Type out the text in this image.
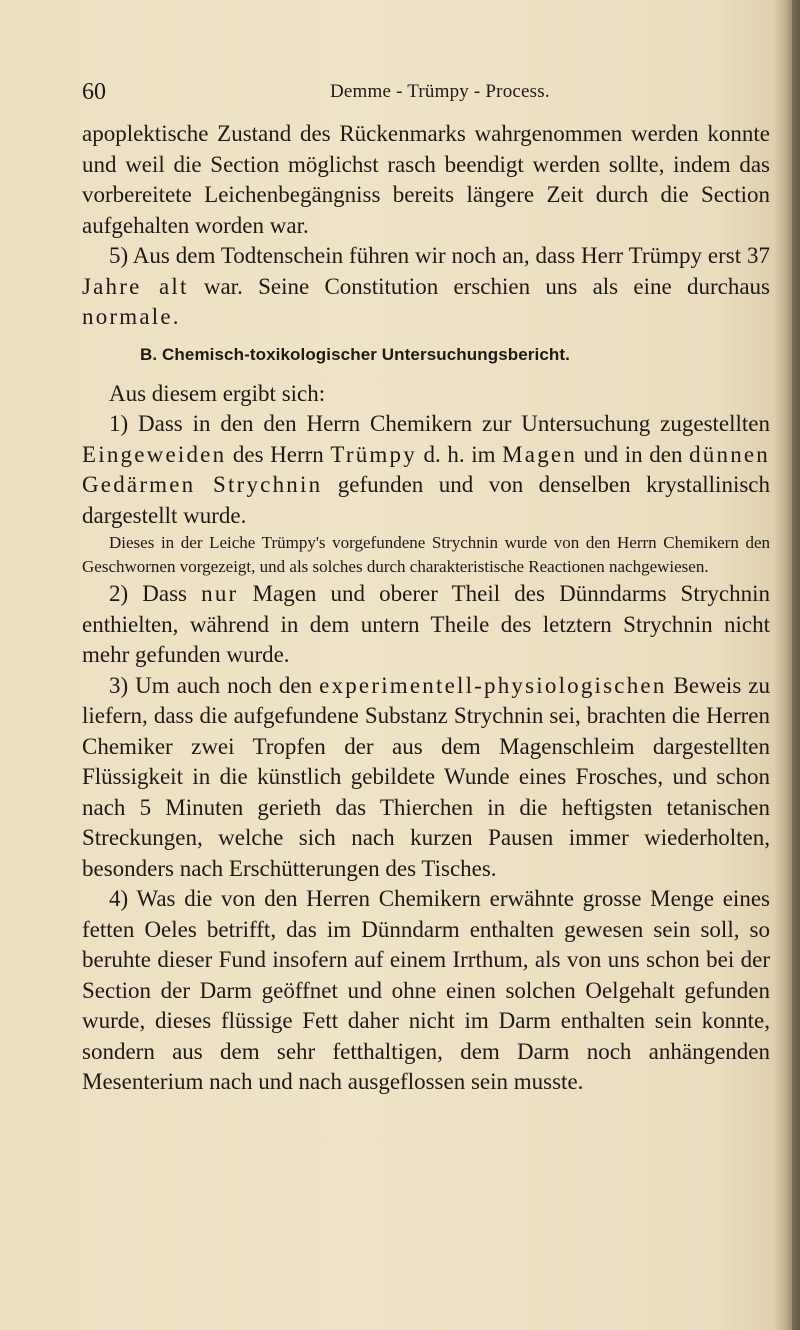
60	Demme - Trümpy - Process.

apoplektische Zustand des Rückenmarks wahrgenommen werden konnte und weil die Section möglichst rasch beendigt werden sollte, indem das vorbereitete Leichenbegängniss bereits längere Zeit durch die Section aufgehalten worden war.

5) Aus dem Todtenschein führen wir noch an, dass Herr Trümpy erst 37 Jahre alt war. Seine Constitution erschien uns als eine durchaus normale.

B. Chemisch-toxikologischer Untersuchungsbericht.

Aus diesem ergibt sich:

1) Dass in den den Herrn Chemikern zur Untersuchung zugestellten Eingeweiden des Herrn Trümpy d. h. im Magen und in den dünnen Gedärmen Strychnin gefunden und von denselben krystallinisch dargestellt wurde.

Dieses in der Leiche Trümpy's vorgefundene Strychnin wurde von den Herrn Chemikern den Geschwornen vorgezeigt, und als solches durch charakteristische Reactionen nachgewiesen.

2) Dass nur Magen und oberer Theil des Dünndarms Strychnin enthielten, während in dem untern Theile des letztern Strychnin nicht mehr gefunden wurde.

3) Um auch noch den experimentell-physiologischen Beweis zu liefern, dass die aufgefundene Substanz Strychnin sei, brachten die Herren Chemiker zwei Tropfen der aus dem Magenschleim dargestellten Flüssigkeit in die künstlich gebildete Wunde eines Frosches, und schon nach 5 Minuten gerieth das Thierchen in die heftigsten tetanischen Streckungen, welche sich nach kurzen Pausen immer wiederholten, besonders nach Erschütterungen des Tisches.

4) Was die von den Herren Chemikern erwähnte grosse Menge eines fetten Oeles betrifft, das im Dünndarm enthalten gewesen sein soll, so beruhte dieser Fund insofern auf einem Irrthum, als von uns schon bei der Section der Darm geöffnet und ohne einen solchen Oelgehalt gefunden wurde, dieses flüssige Fett daher nicht im Darm enthalten sein konnte, sondern aus dem sehr fetthaltigen, dem Darm noch anhängenden Mesenterium nach und nach ausgeflossen sein musste.
